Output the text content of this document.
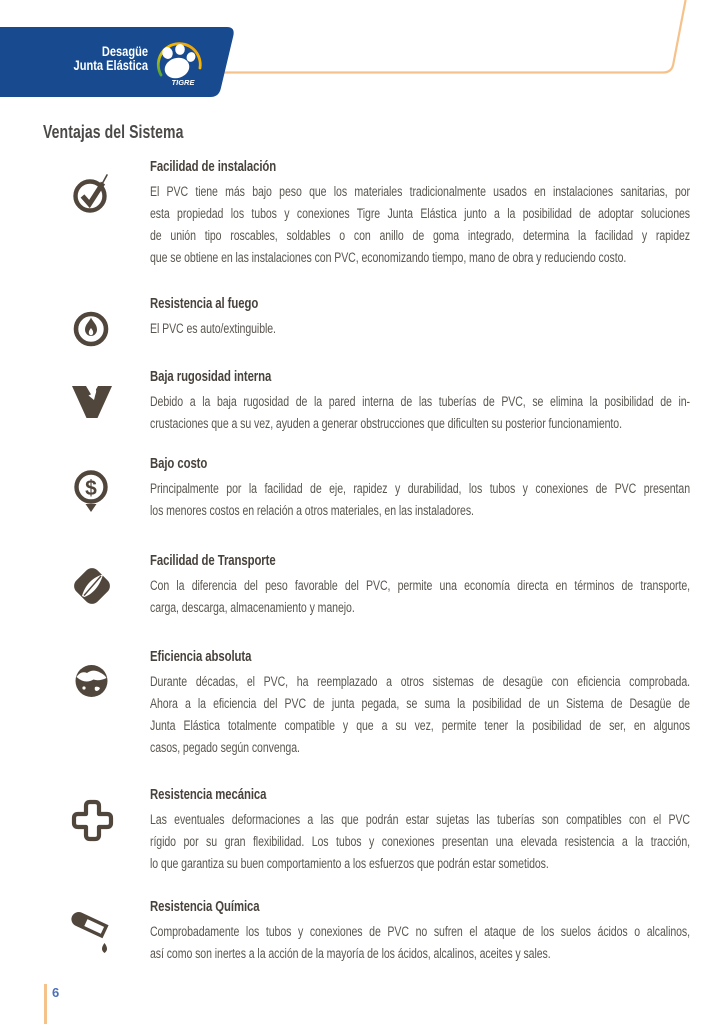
Desagüe
Junta Elástica
TIGRE
Ventajas del Sistema
Facilidad de instalación
El PVC tiene más bajo peso que los materiales tradicionalmente usados en instalaciones sanitarias, por
esta propiedad los tubos y conexiones Tigre Junta Elástica junto a la posibilidad de adoptar soluciones
de unión tipo roscables, soldables o con anillo de goma integrado, determina la facilidad y rapidez
que se obtiene en las instalaciones con PVC, economizando tiempo, mano de obra y reduciendo costo.
Resistencia al fuego
El PVC es auto/extinguible.
Baja rugosidad interna
Debido a la baja rugosidad de la pared interna de las tuberías de PVC, se elimina la posibilidad de in-
crustaciones que a su vez, ayuden a generar obstrucciones que dificulten su posterior funcionamiento.
$
Bajo costo
Principalmente por la facilidad de eje, rapidez y durabilidad, los tubos y conexiones de PVC presentan
los menores costos en relación a otros materiales, en las instaladores.
Facilidad de Transporte
Con la diferencia del peso favorable del PVC, permite una economía directa en términos de transporte,
carga, descarga, almacenamiento y manejo.
Eficiencia absoluta
Durante décadas, el PVC, ha reemplazado a otros sistemas de desagüe con eficiencia comprobada.
Ahora a la eficiencia del PVC de junta pegada, se suma la posibilidad de un Sistema de Desagüe de
Junta Elástica totalmente compatible y que a su vez, permite tener la posibilidad de ser, en algunos
casos, pegado según convenga.
Resistencia mecánica
Las eventuales deformaciones a las que podrán estar sujetas las tuberías son compatibles con el PVC
rígido por su gran flexibilidad. Los tubos y conexiones presentan una elevada resistencia a la tracción,
lo que garantiza su buen comportamiento a los esfuerzos que podrán estar sometidos.
Resistencia Química
Comprobadamente los tubos y conexiones de PVC no sufren el ataque de los suelos ácidos o alcalinos,
así como son inertes a la acción de la mayoría de los ácidos, alcalinos, aceites y sales.
6
